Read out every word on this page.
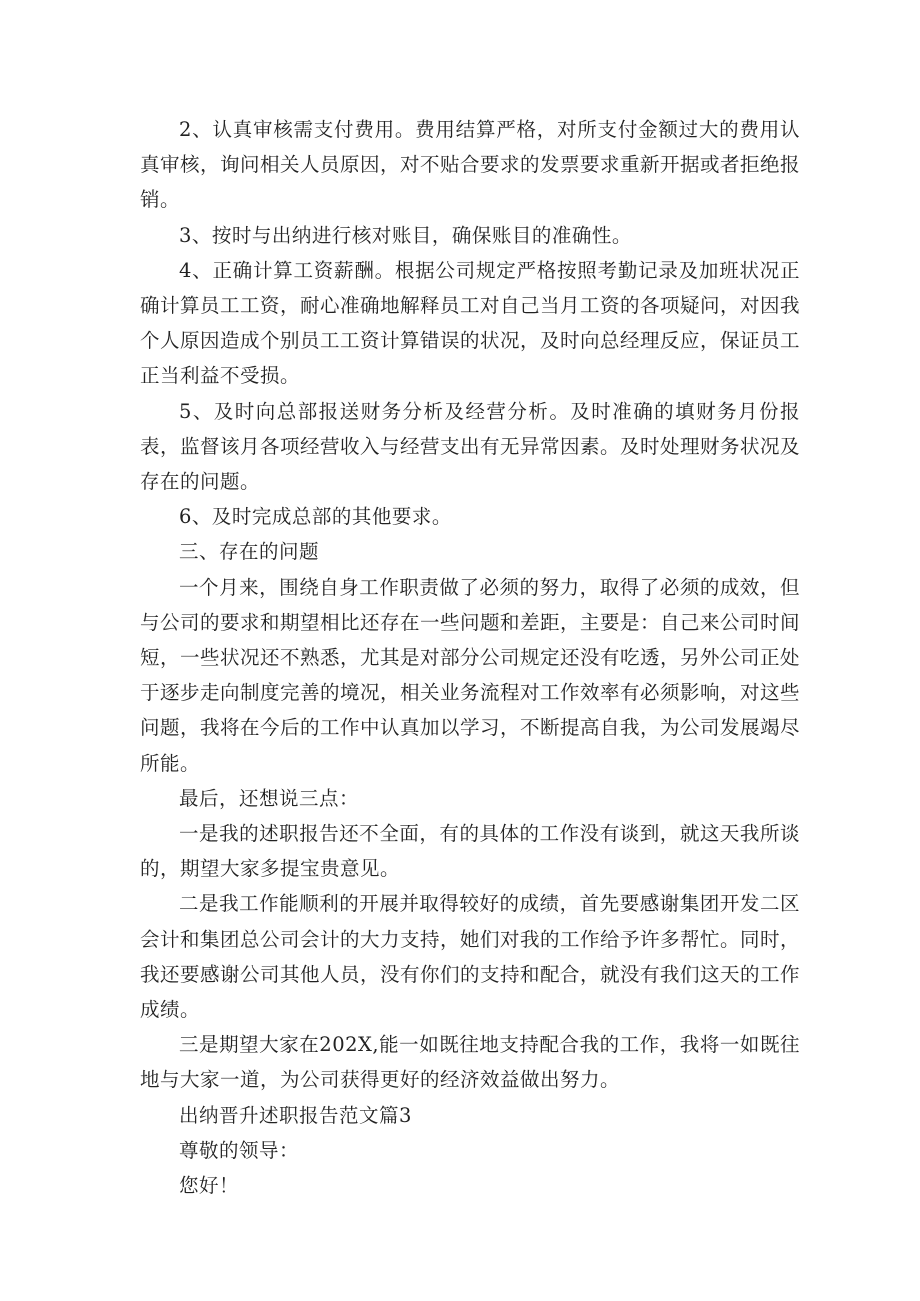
2、认真审核需支付费用。费用结算严格，对所支付金额过大的费用认真审核，询问相关人员原因，对不贴合要求的发票要求重新开据或者拒绝报销。

3、按时与出纳进行核对账目，确保账目的准确性。

4、正确计算工资薪酬。根据公司规定严格按照考勤记录及加班状况正确计算员工工资，耐心准确地解释员工对自己当月工资的各项疑问，对因我个人原因造成个别员工工资计算错误的状况，及时向总经理反应，保证员工正当利益不受损。

5、及时向总部报送财务分析及经营分析。及时准确的填财务月份报表，监督该月各项经营收入与经营支出有无异常因素。及时处理财务状况及存在的问题。

6、及时完成总部的其他要求。

三、存在的问题

一个月来，围绕自身工作职责做了必须的努力，取得了必须的成效，但与公司的要求和期望相比还存在一些问题和差距，主要是：自己来公司时间短，一些状况还不熟悉，尤其是对部分公司规定还没有吃透，另外公司正处于逐步走向制度完善的境况，相关业务流程对工作效率有必须影响，对这些问题，我将在今后的工作中认真加以学习，不断提高自我，为公司发展竭尽所能。

最后，还想说三点：

一是我的述职报告还不全面，有的具体的工作没有谈到，就这天我所谈的，期望大家多提宝贵意见。

二是我工作能顺利的开展并取得较好的成绩，首先要感谢集团开发二区会计和集团总公司会计的大力支持，她们对我的工作给予许多帮忙。同时，我还要感谢公司其他人员，没有你们的支持和配合，就没有我们这天的工作成绩。

三是期望大家在202X,能一如既往地支持配合我的工作，我将一如既往地与大家一道，为公司获得更好的经济效益做出努力。

出纳晋升述职报告范文篇3

尊敬的领导：

您好！
